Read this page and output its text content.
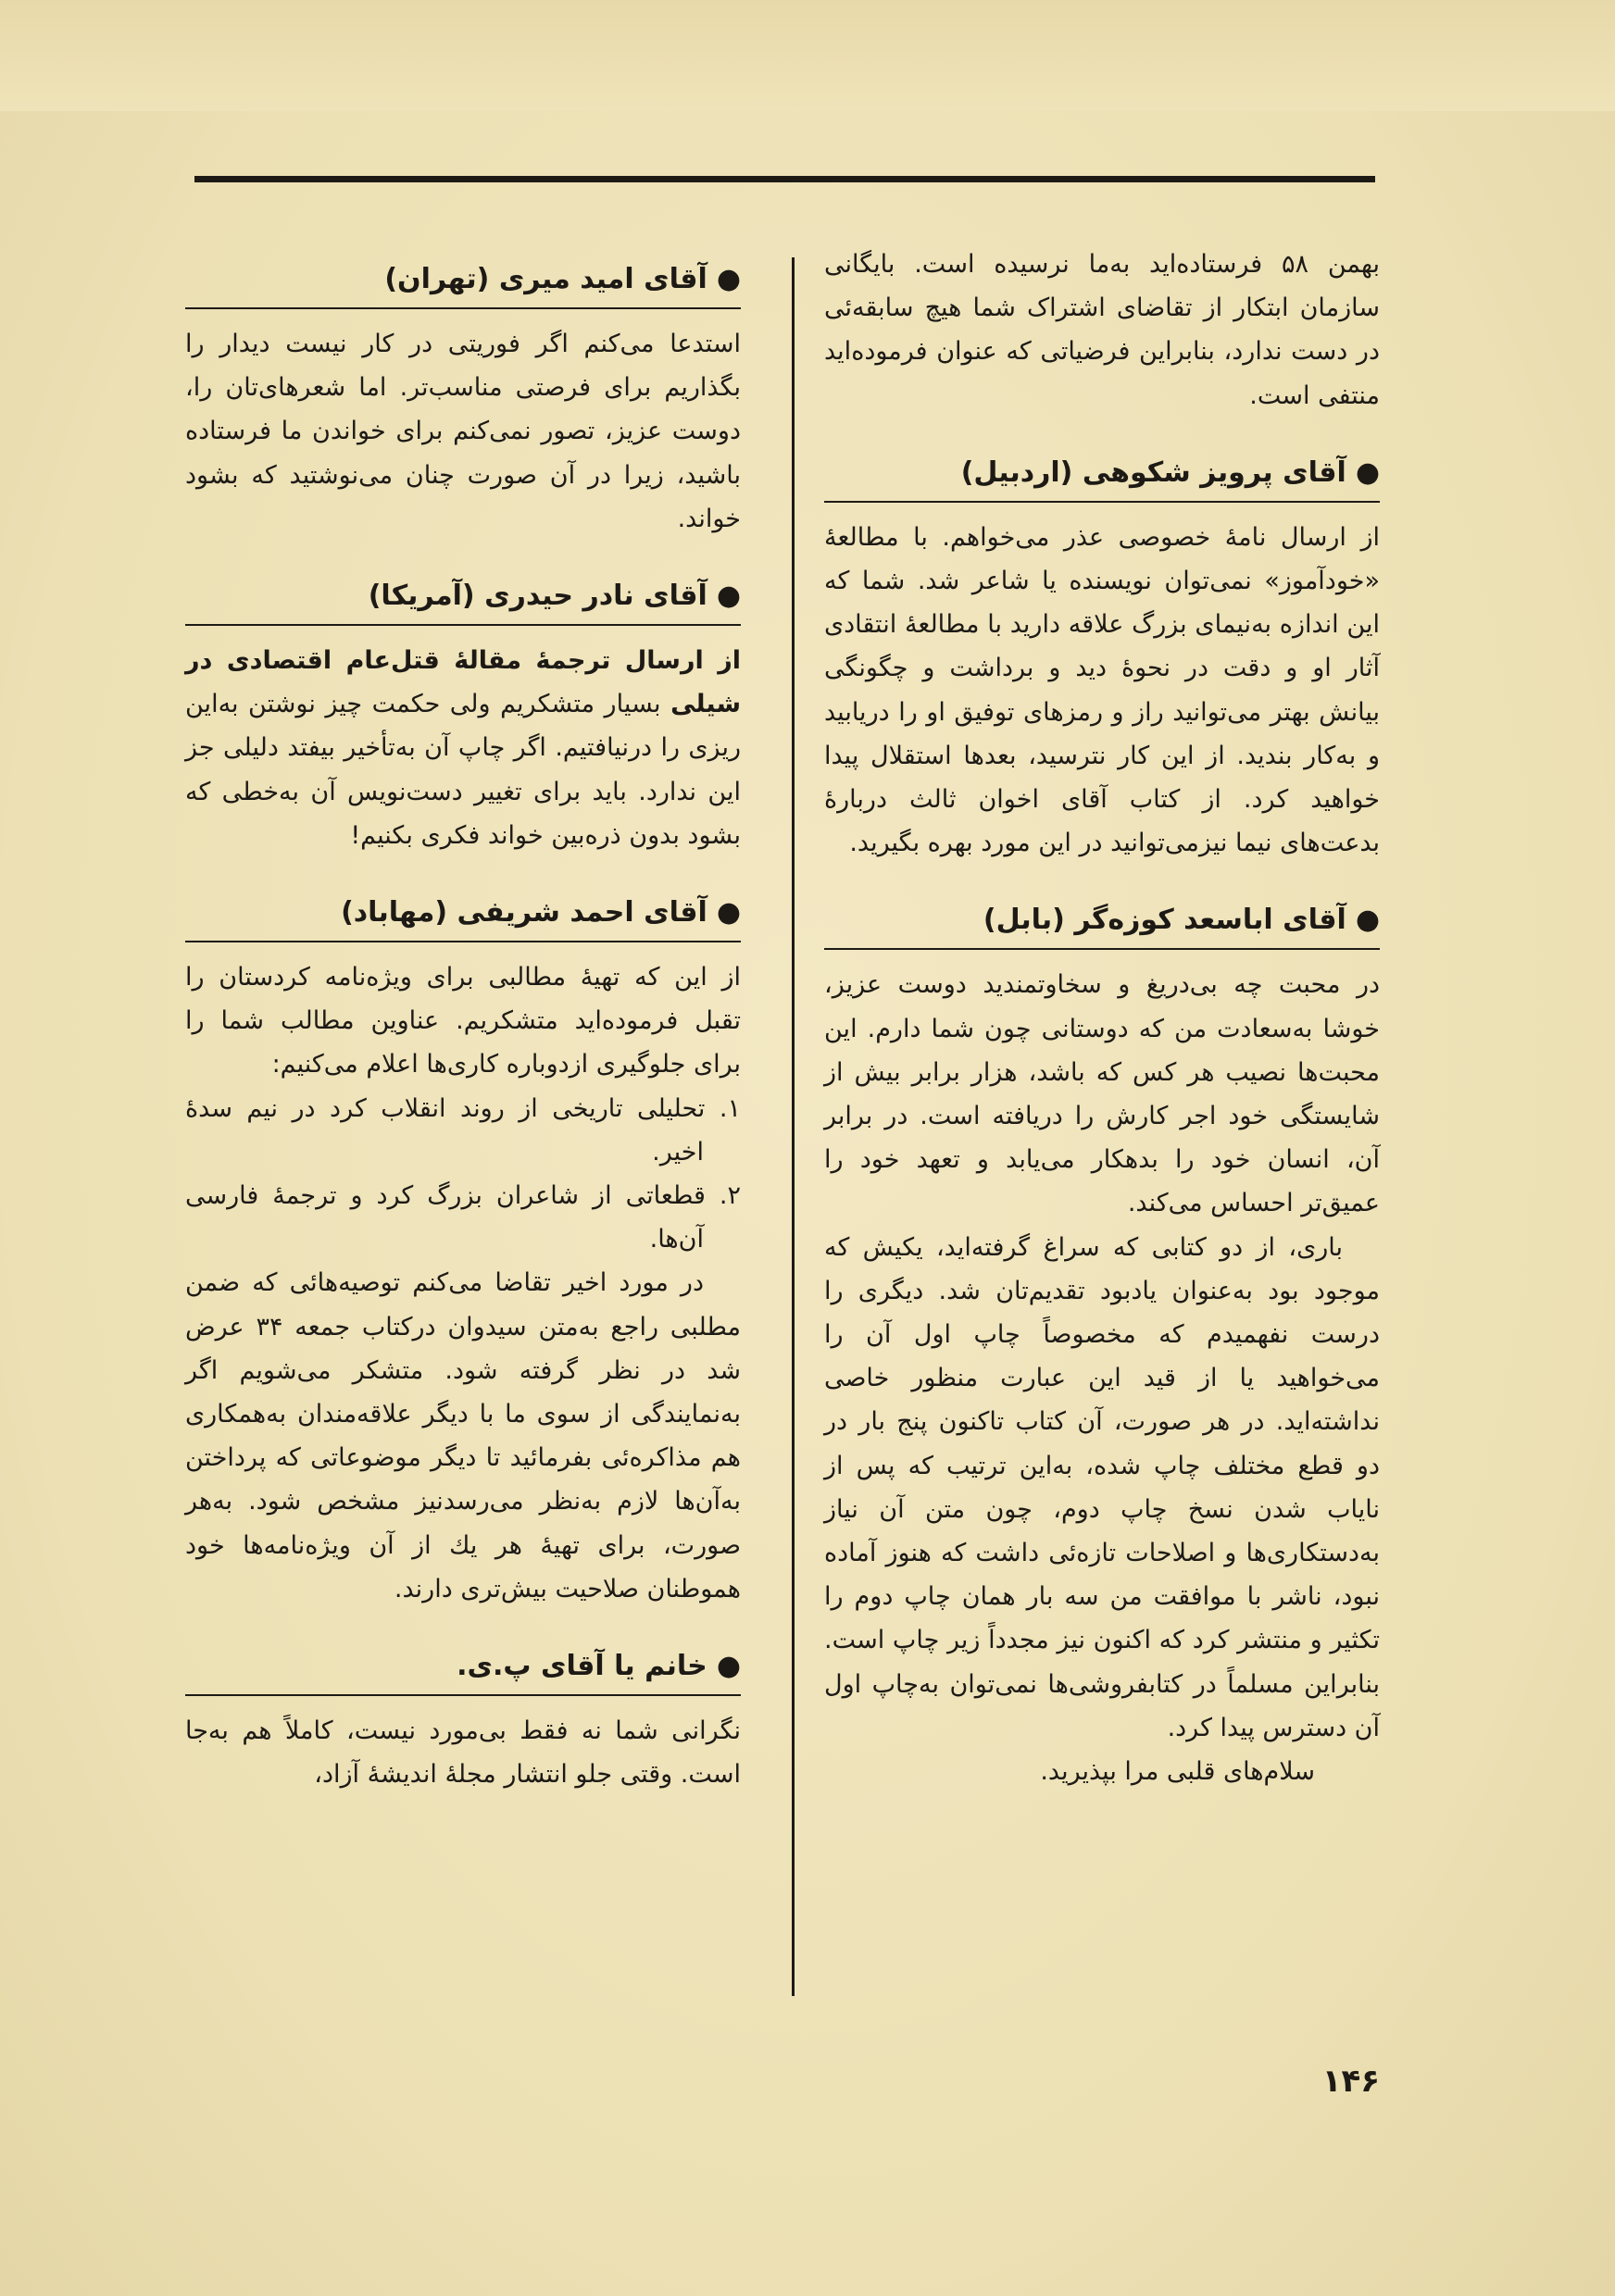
بهمن ۵۸ فرستاده‌اید به‌ما نرسیده است. بایگانی سازمان ابتکار از تقاضای اشتراک شما هیچ سابقه‌ئی در دست ندارد، بنابراین فرضیاتی که عنوان فرموده‌اید منتفی است.

●آقای پرویز شکوهی (اردبیل)

از ارسال نامهٔ خصوصی عذر می‌خواهم. با مطالعهٔ «خودآموز» نمی‌توان نویسنده یا شاعر شد. شما که این اندازه به‌نیمای بزرگ علاقه دارید با مطالعهٔ انتقادی آثار او و دقت در نحوهٔ دید و برداشت و چگونگی بیانش بهتر می‌توانید راز و رمزهای توفیق او را دریابید و به‌کار بندید. از این کار نترسید، بعدها استقلال پیدا خواهید کرد. از کتاب آقای اخوان ثالث دربارهٔ بدعت‌های نیما نیزمی‌توانید در این مورد بهره بگیرید.

●آقای اباسعد کوزه‌گر (بابل)

در محبت چه بی‌دریغ و سخاوتمندید دوست عزیز، خوشا به‌سعادت من که دوستانی چون شما دارم. این محبت‌ها نصیب هر کس که باشد، هزار برابر بیش از شایستگی خود اجر کارش را دریافته است. در برابر آن، انسان خود را بدهکار می‌یابد و تعهد خود را عمیق‌تر احساس می‌کند.

باری، از دو کتابی که سراغ گرفته‌اید، یکیش که موجود بود به‌عنوان یادبود تقدیم‌تان شد. دیگری را درست نفهمیدم که مخصوصاً چاپ اول آن را می‌خواهید یا از قید این عبارت منظور خاصی نداشته‌اید. در هر صورت، آن کتاب تاکنون پنج بار در دو قطع مختلف چاپ شده، به‌این ترتیب که پس از نایاب شدن نسخ چاپ دوم، چون متن آن نیاز به‌دستکاری‌ها و اصلاحات تازه‌ئی داشت که هنوز آماده نبود، ناشر با موافقت من سه بار همان چاپ دوم را تکثیر و منتشر کرد که اکنون نیز مجدداً زیر چاپ است. بنابراین مسلماً در کتابفروشی‌ها نمی‌توان به‌چاپ اول آن دسترس پیدا کرد.

سلام‌های قلبی مرا بپذیرید.

●آقای امید میری (تهران)

استدعا می‌کنم اگر فوریتی در کار نیست دیدار را بگذاریم برای فرصتی مناسب‌تر. اما شعرهای‌تان را، دوست عزیز، تصور نمی‌کنم برای خواندن ما فرستاده باشید، زیرا در آن صورت چنان می‌نوشتید که بشود خواند.

●آقای نادر حیدری (آمریکا)

از ارسال ترجمهٔ مقالهٔ قتل‌عام اقتصادی در شیلی بسیار متشکریم ولی حکمت چیز نوشتن به‌این ریزی را درنیافتیم. اگر چاپ آن به‌تأخیر بیفتد دلیلی جز این ندارد. باید برای تغییر دست‌نویس آن به‌خطی که بشود بدون ذره‌بین خواند فکری بکنیم!

●آقای احمد شریفی (مهاباد)

از این که تهیهٔ مطالبی برای ویژه‌نامه کردستان را تقبل فرموده‌اید متشکریم. عناوین مطالب شما را برای جلوگیری ازدوباره کاری‌ها اعلام می‌کنیم:

۱. تحلیلی تاریخی از روند انقلاب کرد در نیم سدهٔ اخیر.

۲. قطعاتی از شاعران بزرگ کرد و ترجمهٔ فارسی آن‌ها.

در مورد اخیر تقاضا می‌کنم توصیه‌هائی که ضمن مطلبی راجع به‌متن سیدوان درکتاب جمعه ۳۴ عرض شد در نظر گرفته شود. متشکر می‌شویم اگر به‌نمایندگی از سوی ما با دیگر علاقه‌مندان به‌همکاری هم مذاکره‌ئی بفرمائید تا دیگر موضوعاتی که پرداختن به‌آن‌ها لازم به‌نظر می‌رسدنیز مشخص شود. به‌هر صورت، برای تهیهٔ هر یك از آن ویژه‌نامه‌ها خود هموطنان صلاحیت بیش‌تری دارند.

●خانم یا آقای پ.ی.

نگرانی شما نه فقط بی‌مورد نیست، کاملاً هم به‌جا است. وقتی جلو انتشار مجلهٔ اندیشهٔ آزاد،

۱۴۶
